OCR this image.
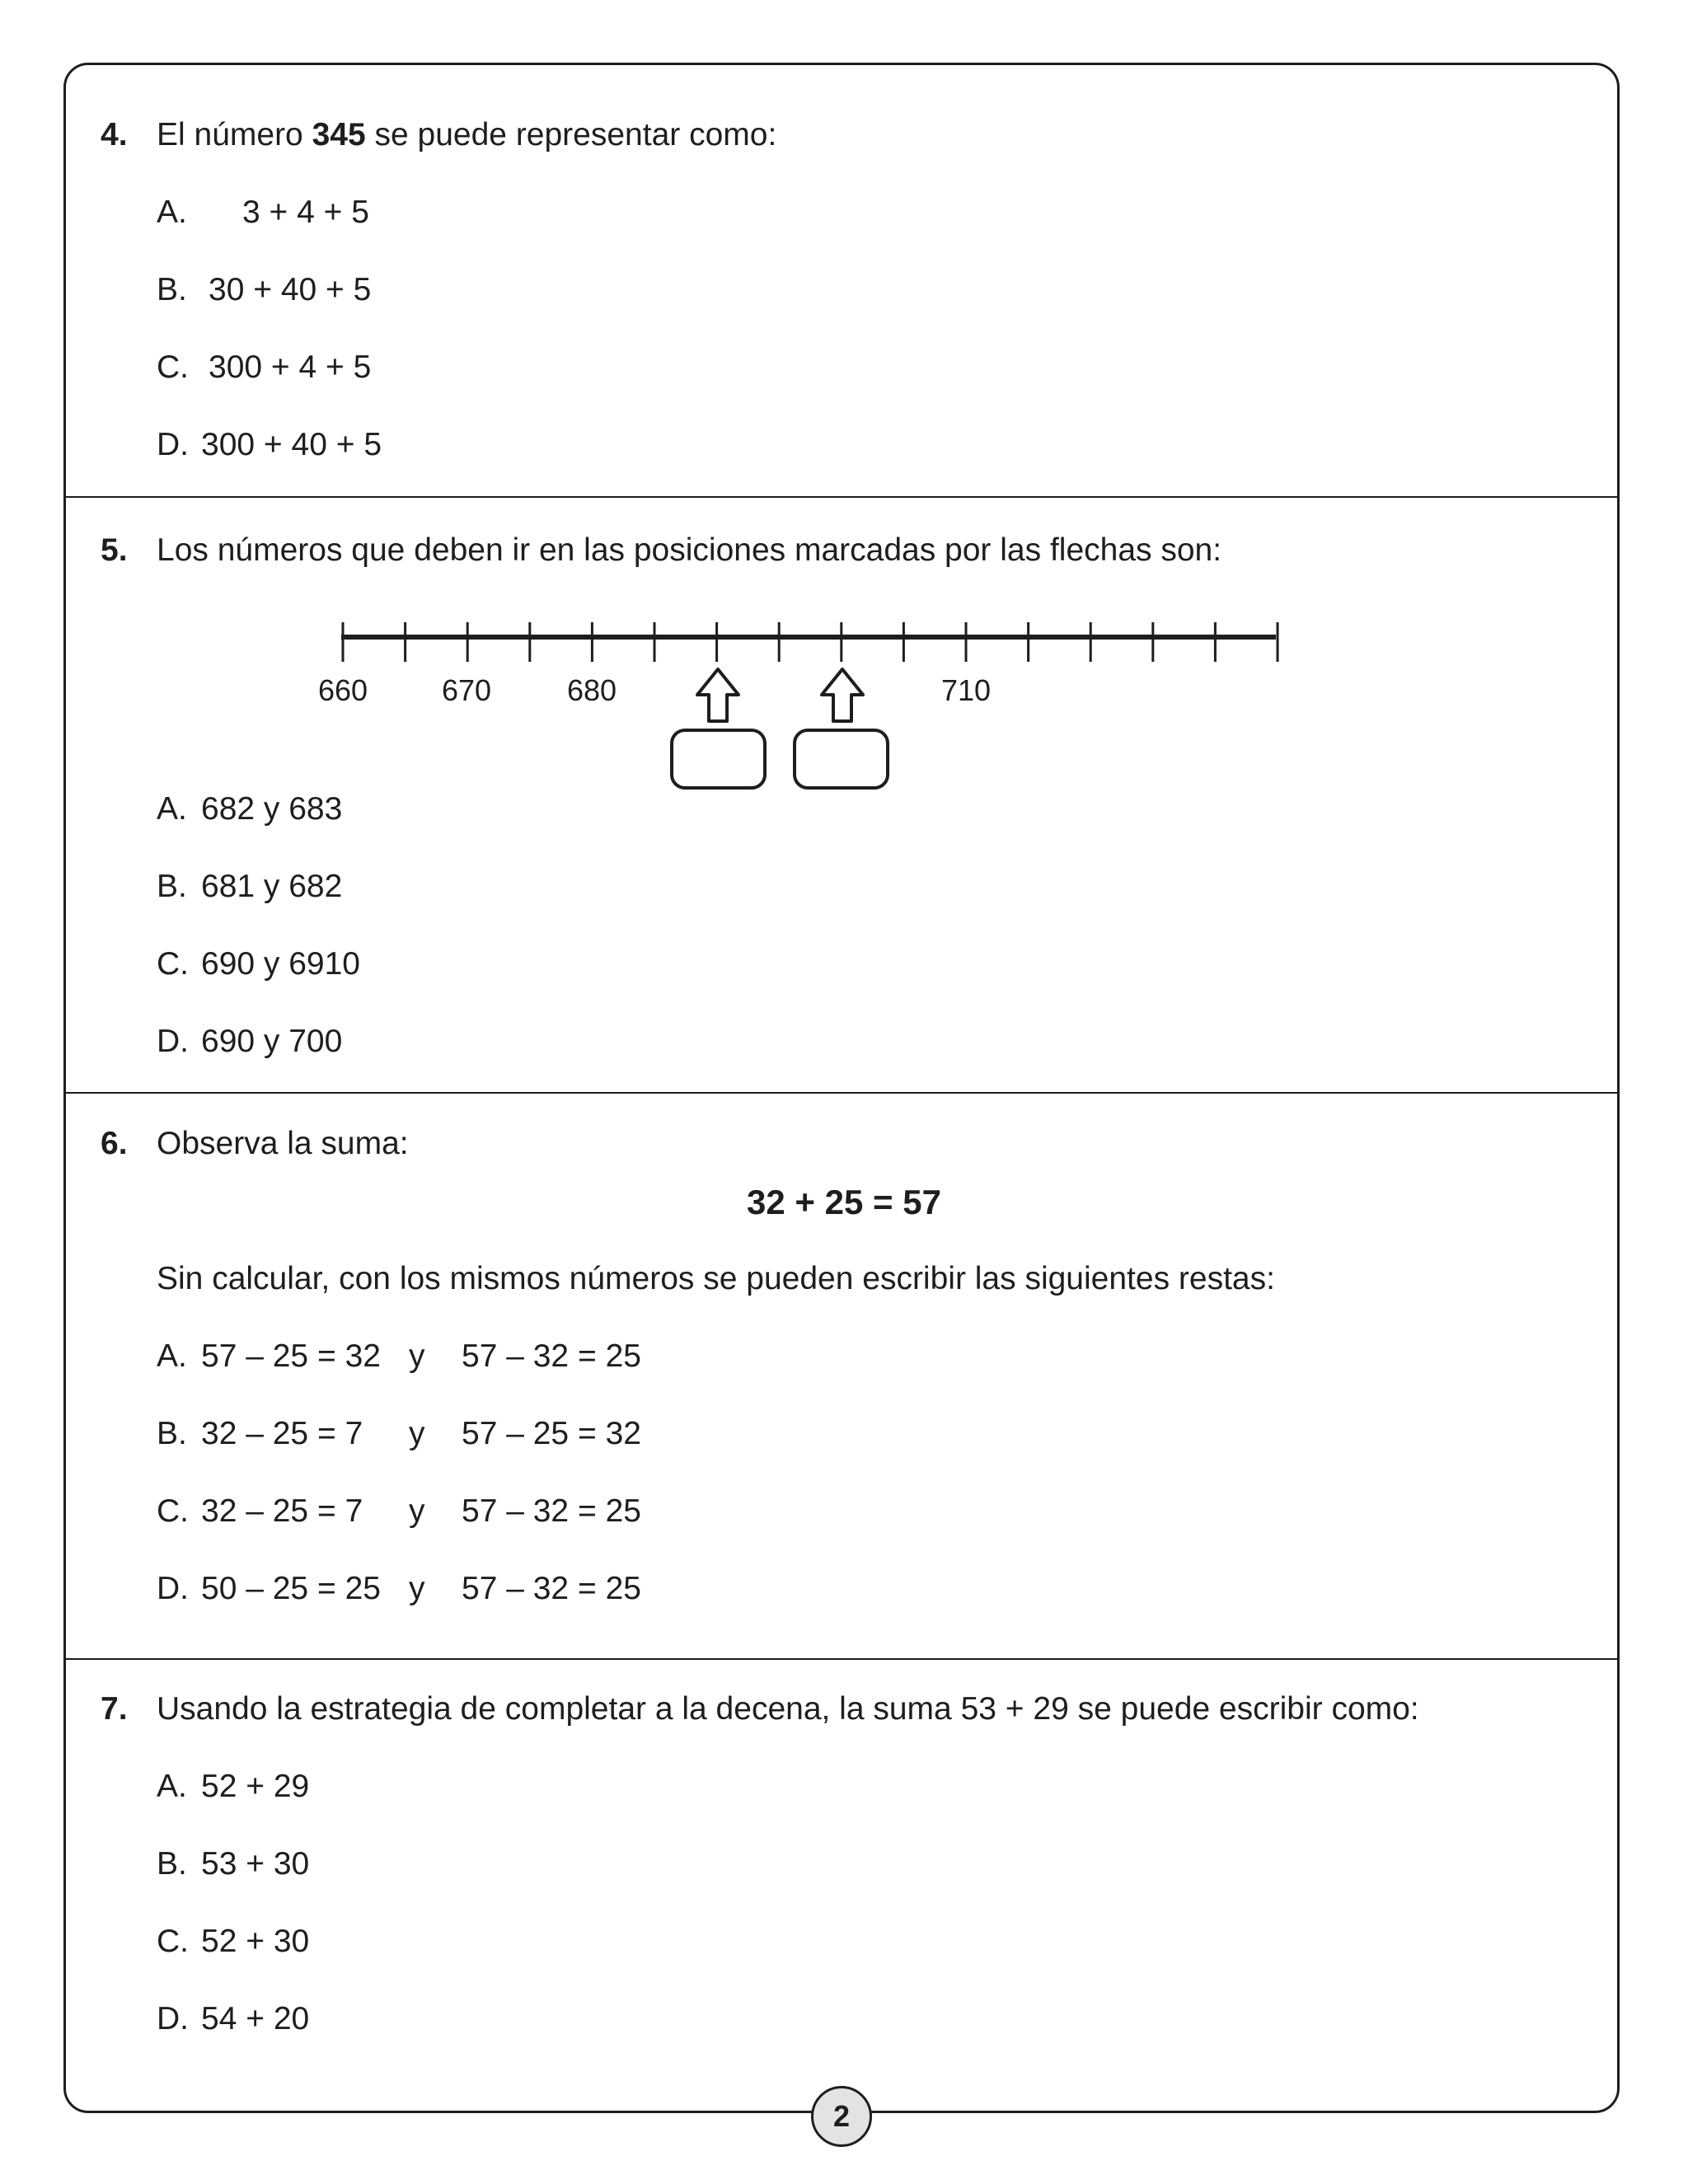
4. El número 345 se puede representar como:
A. 3 + 4 + 5
B. 30 + 40 + 5
C. 300 + 4 + 5
D. 300 + 40 + 5
5. Los números que deben ir en las posiciones marcadas por las flechas son:
660 670	680	710
A. 682 y 683
B. 681 y 682
C. 690 y 6910
D. 690 y 700
6. Observa la suma:
32 + 25 = 57
Sin calcular, con los mismos números se pueden escribir las siguientes restas:
A. 57 – 25 = 32 y 57 – 32 = 25
B. 32 – 25 = 7 y 57 – 25 = 32
C. 32 – 25 = 7 y 57 – 32 = 25
D. 50 – 25 = 25 y 57 – 32 = 25
7. Usando la estrategia de completar a la decena, la suma 53 + 29 se puede escribir como:
A. 52 + 29
B. 53 + 30
C. 52 + 30
D. 54 + 20
2
